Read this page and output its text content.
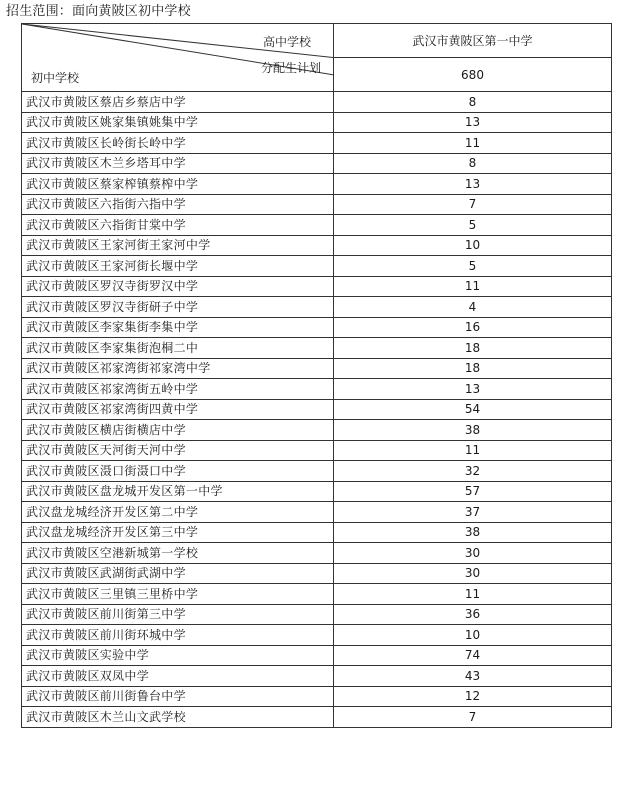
招生范围：面向黄陂区初中学校
高中学校
分配生计划
初中学校	武汉市黄陂区第一中学
	680
武汉市黄陂区蔡店乡蔡店中学	8
武汉市黄陂区姚家集镇姚集中学	13
武汉市黄陂区长岭街长岭中学	11
武汉市黄陂区木兰乡塔耳中学	8
武汉市黄陂区蔡家榨镇蔡榨中学	13
武汉市黄陂区六指街六指中学	7
武汉市黄陂区六指街甘棠中学	5
武汉市黄陂区王家河街王家河中学	10
武汉市黄陂区王家河街长堰中学	5
武汉市黄陂区罗汉寺街罗汉中学	11
武汉市黄陂区罗汉寺街研子中学	4
武汉市黄陂区李家集街李集中学	16
武汉市黄陂区李家集街泡桐二中	18
武汉市黄陂区祁家湾街祁家湾中学	18
武汉市黄陂区祁家湾街五岭中学	13
武汉市黄陂区祁家湾街四黄中学	54
武汉市黄陂区横店街横店中学	38
武汉市黄陂区天河街天河中学	11
武汉市黄陂区滠口街滠口中学	32
武汉市黄陂区盘龙城开发区第一中学	57
武汉盘龙城经济开发区第二中学	37
武汉盘龙城经济开发区第三中学	38
武汉市黄陂区空港新城第一学校	30
武汉市黄陂区武湖街武湖中学	30
武汉市黄陂区三里镇三里桥中学	11
武汉市黄陂区前川街第三中学	36
武汉市黄陂区前川街环城中学	10
武汉市黄陂区实验中学	74
武汉市黄陂区双凤中学	43
武汉市黄陂区前川街鲁台中学	12
武汉市黄陂区木兰山文武学校	7
